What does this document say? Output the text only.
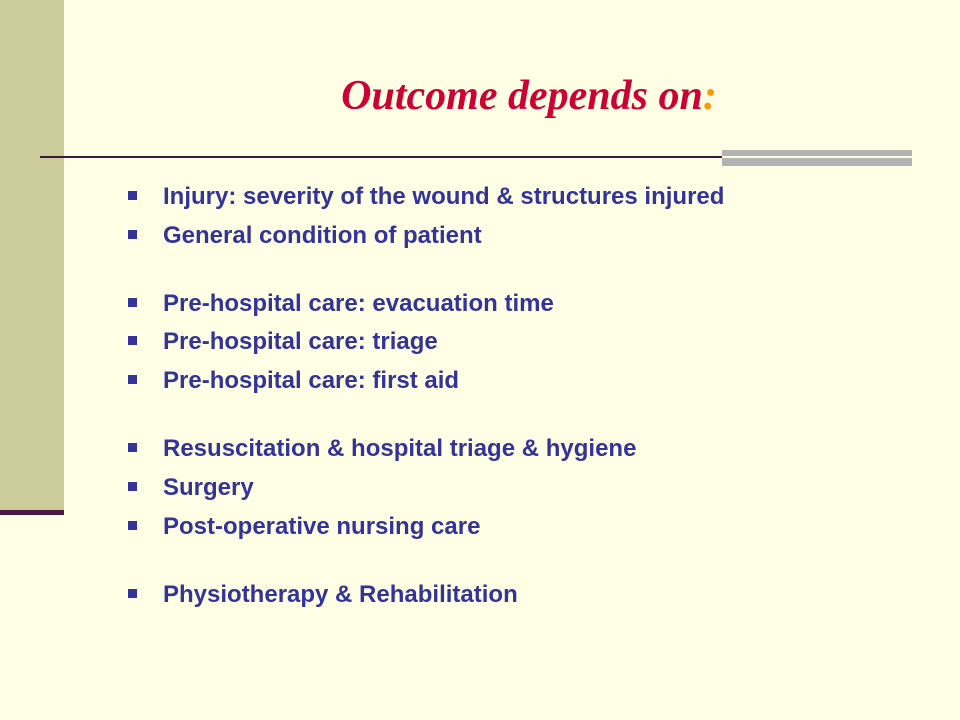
Outcome depends on:
Injury: severity of the wound & structures injured
General condition of patient
Pre-hospital care: evacuation time
Pre-hospital care: triage
Pre-hospital care: first aid
Resuscitation & hospital triage & hygiene
Surgery
Post-operative nursing care
Physiotherapy & Rehabilitation
